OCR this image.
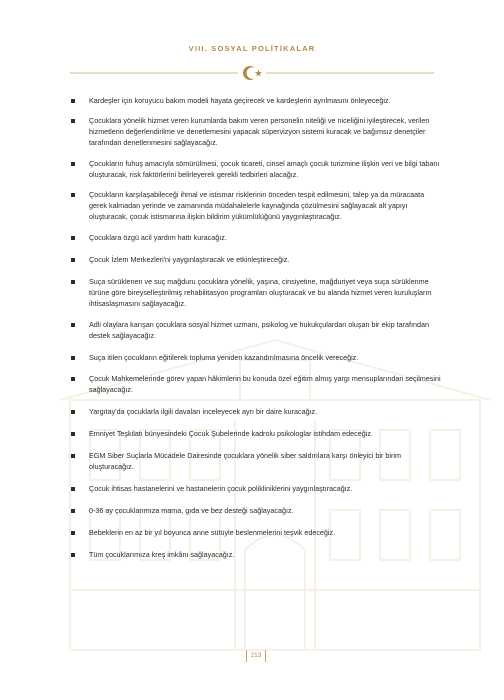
VIII. SOSYAL POLİTİKALAR
Kardeşler için koruyucu bakım modeli hayata geçirecek ve kardeşlerin ayrılmasını önleyeceğiz.
Çocuklara yönelik hizmet veren kurumlarda bakım veren personelin niteliği ve niceliğini iyileştirecek, verilen hizmetlerin değerlendirilme ve denetlemesini yapacak süpervizyon sistemi kuracak ve bağımsız denetçiler tarafından denetlenmesini sağlayacağız.
Çocukların fuhuş amacıyla sömürülmesi, çocuk ticareti, cinsel amaçlı çocuk turizmine ilişkin veri ve bilgi tabanı oluşturacak, risk faktörlerini belirleyerek gerekli tedbirleri alacağız.
Çocukların karşılaşabileceği ihmal ve istismar risklerinin önceden tespit edilmesini, talep ya da müracaata gerek kalmadan yerinde ve zamanında müdahalelerle kaynağında çözülmesini sağlayacak alt yapıyı oluşturacak, çocuk istismarına ilişkin bildirim yükümlülüğünü yaygınlaştıracağız.
Çocuklara özgü acil yardım hattı kuracağız.
Çocuk İzlem Merkezleri'ni yaygınlaştıracak ve etkinleştireceğiz.
Suça sürüklenen ve suç mağduru çocuklara yönelik, yaşına, cinsiyetine, mağduriyet veya suça sürüklenme türüne göre bireyselleştirilmiş rehabilitasyon programları oluşturacak ve bu alanda hizmet veren kuruluşların ihtisaslaşmasını sağlayacağız.
Adli olaylara karışan çocuklara sosyal hizmet uzmanı, psikolog ve hukukçulardan oluşan bir ekip tarafından destek sağlayacağız.
Suça itilen çocukların eğitilerek topluma yeniden kazandırılmasına öncelik vereceğiz.
Çocuk Mahkemelerinde görev yapan hâkimlerin bu konuda özel eğitim almış yargı mensuplarından seçilmesini sağlayacağız.
Yargıtay'da çocuklarla ilgili davaları inceleyecek ayrı bir daire kuracağız.
Emniyet Teşkilatı bünyesindeki Çocuk Şubelerinde kadrolu psikologlar istihdam edeceğiz.
EGM Siber Suçlarla Mücadele Dairesinde çocuklara yönelik siber saldırılara karşı önleyici bir birim oluşturacağız.
Çocuk ihtisas hastanelerini ve hastanelerin çocuk polikliniklerini yaygınlaştıracağız.
0-36 ay çocuklarımıza mama, gıda ve bez desteği sağlayacağız.
Bebeklerin en az bir yıl boyunca anne sütüyle beslenmelerini teşvik edeceğiz.
Tüm çocuklarımıza kreş imkânı sağlayacağız.
213
